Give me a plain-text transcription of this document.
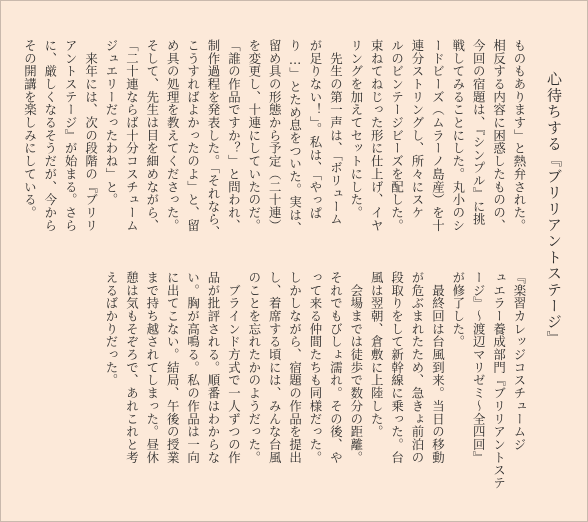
心待ちする『ブリリアントステージ』
ものもあります」と熱弁された。
相反する内容に困惑したものの、
今回の宿題は、『シンプル』に挑
戦してみることにした。丸小のシ
ードビーズ（ムラーノ島産）を十
連分ストリングし、所々にスケ
ルのビンテージビーズを配した。
束ねてねじった形に仕上げ、イヤ
リングを加えてセットにした。
　先生の第一声は、「ボリューム
が足りない！」。私は、「やっぱ
り…」とため息をついた。実は、
留め具の形態から予定（二十連）
を変更し、十連にしていたのだ。
「誰の作品ですか？」と問われ、
制作過程を発表した。「それなら、
こうすればよかったのよ」と、留
め具の処理を教えてくださった。
そして、先生は目を細めながら、
「二十連ならば十分コスチューム
ジュエリーだったわね」と。
　来年には、次の段階の『ブリリ
アントステージ』が始まる。さら
に、厳しくなるそうだが、今から
その開講を楽しみにしている。
『楽習カレッジコスチュームジ
ュエラー養成部門『ブリリアントステ
ージ』～渡辺マリゼミ～全四回』
が修了した。
　最終回は台風到来。当日の移動
が危ぶまれたため、急きょ前泊の
段取りをして新幹線に乗った。台
風は翌朝、倉敷に上陸した。
　会場までは徒歩で数分の距離。
それでもびしょ濡れ。その後、や
って来る仲間たちも同様だった。
しかしながら、宿題の作品を提出
し、着席する頃には、みんな台風
のことを忘れたかのようだった。
　ブラインド方式で一人ずつの作
品が批評される。順番はわからな
い。胸が高鳴る。私の作品は一向
に出てこない。結局、午後の授業
まで持ち越されてしまった。昼休
憩は気もそぞろで、あれこれと考
えるばかりだった。
